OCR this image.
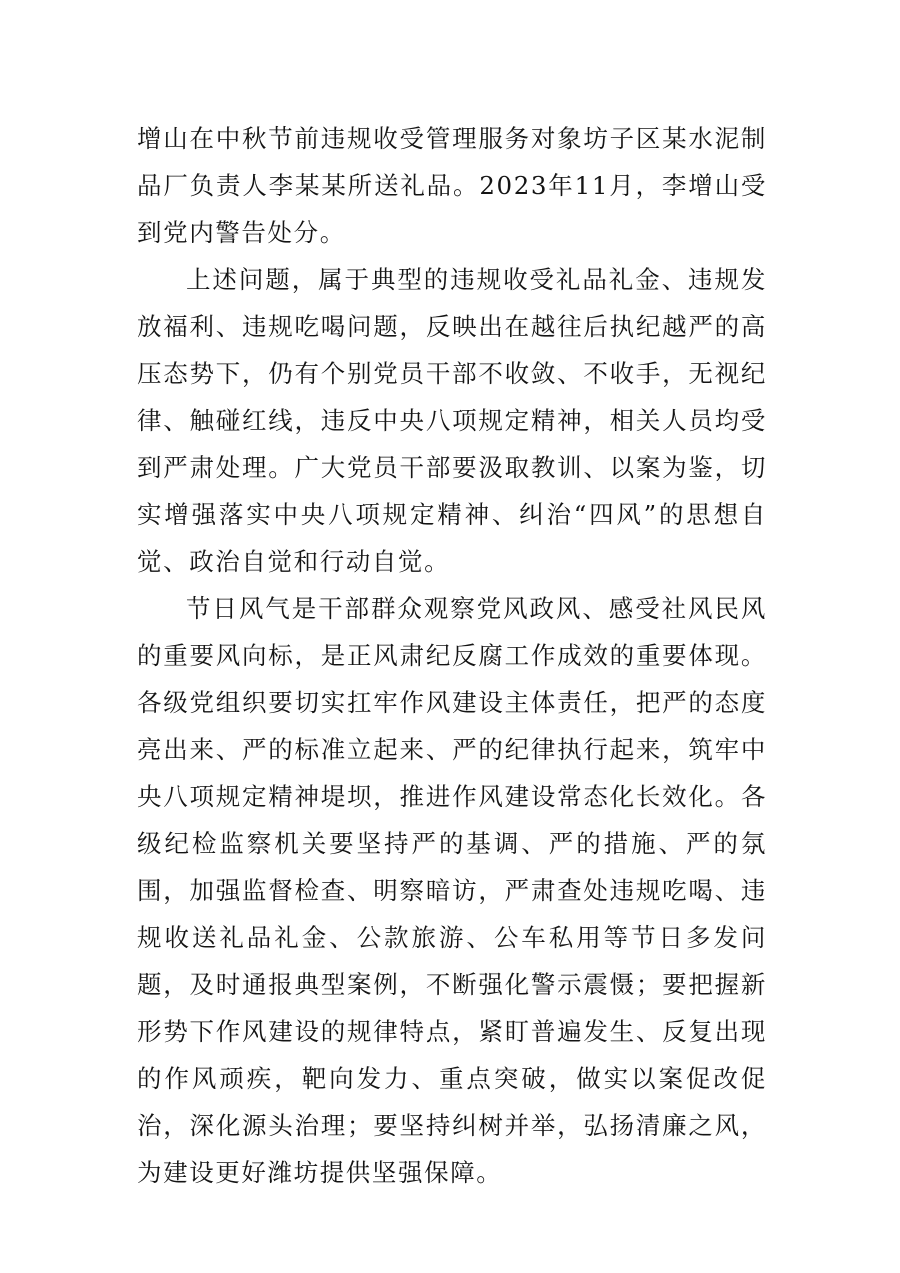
增山在中秋节前违规收受管理服务对象坊子区某水泥制品厂负责人李某某所送礼品。2023年11月，李增山受到党内警告处分。

上述问题，属于典型的违规收受礼品礼金、违规发放福利、违规吃喝问题，反映出在越往后执纪越严的高压态势下，仍有个别党员干部不收敛、不收手，无视纪律、触碰红线，违反中央八项规定精神，相关人员均受到严肃处理。广大党员干部要汲取教训、以案为鉴，切实增强落实中央八项规定精神、纠治“四风”的思想自觉、政治自觉和行动自觉。

节日风气是干部群众观察党风政风、感受社风民风的重要风向标，是正风肃纪反腐工作成效的重要体现。各级党组织要切实扛牢作风建设主体责任，把严的态度亮出来、严的标准立起来、严的纪律执行起来，筑牢中央八项规定精神堤坝，推进作风建设常态化长效化。各级纪检监察机关要坚持严的基调、严的措施、严的氛围，加强监督检查、明察暗访，严肃查处违规吃喝、违规收送礼品礼金、公款旅游、公车私用等节日多发问题，及时通报典型案例，不断强化警示震慑；要把握新形势下作风建设的规律特点，紧盯普遍发生、反复出现的作风顽疾，靶向发力、重点突破，做实以案促改促治，深化源头治理；要坚持纠树并举，弘扬清廉之风，为建设更好潍坊提供坚强保障。
